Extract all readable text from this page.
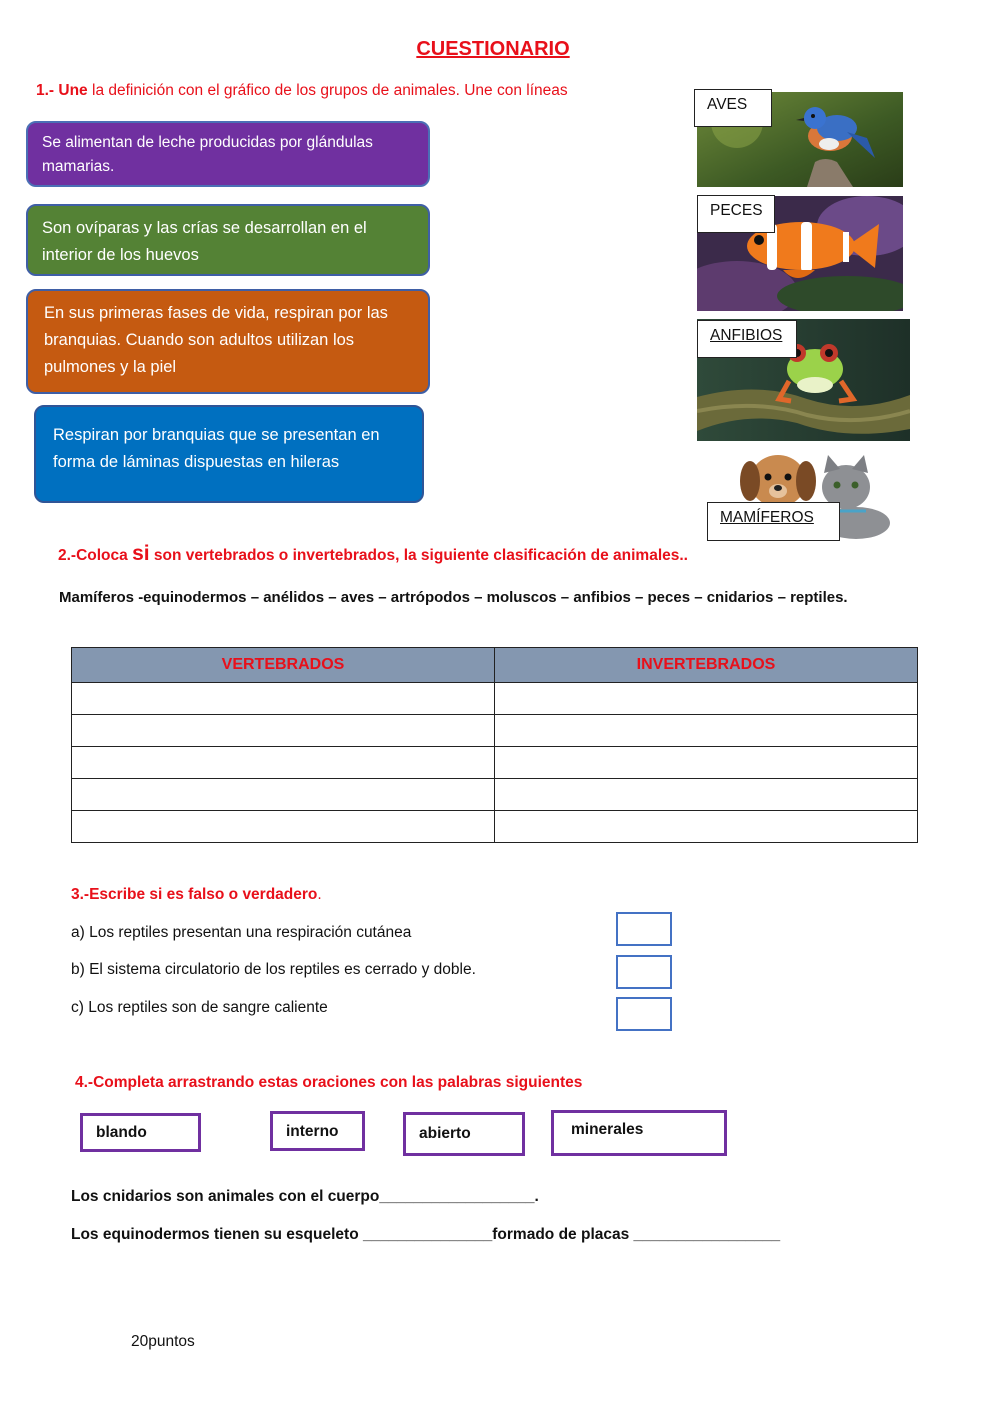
CUESTIONARIO
1.- Une la definición con el gráfico de los grupos de animales. Une con líneas
Se alimentan de leche producidas por glándulas mamarias.
Son ovíparas y las crías se desarrollan en el interior de los huevos
En sus primeras fases de vida, respiran por las branquias. Cuando son adultos utilizan los pulmones y la piel
Respiran por branquias que se presentan en forma de láminas dispuestas en hileras
AVES
PECES
ANFIBIOS
MAMÍFEROS
2.-Coloca si son vertebrados o invertebrados, la siguiente clasificación de animales..
Mamíferos -equinodermos – anélidos – aves – artrópodos – moluscos – anfibios – peces – cnidarios – reptiles.
VERTEBRADOS	INVERTEBRADOS

3.-Escribe si es falso o verdadero.
a) Los reptiles presentan una respiración cutánea
b) El sistema circulatorio de los reptiles es cerrado y doble.
c) Los reptiles son de sangre caliente
4.-Completa arrastrando estas oraciones con las palabras siguientes
blando	interno	abierto	minerales
Los cnidarios son animales con el cuerpo__________________.
Los equinodermos tienen su esqueleto _______________formado de placas _________________
20puntos
